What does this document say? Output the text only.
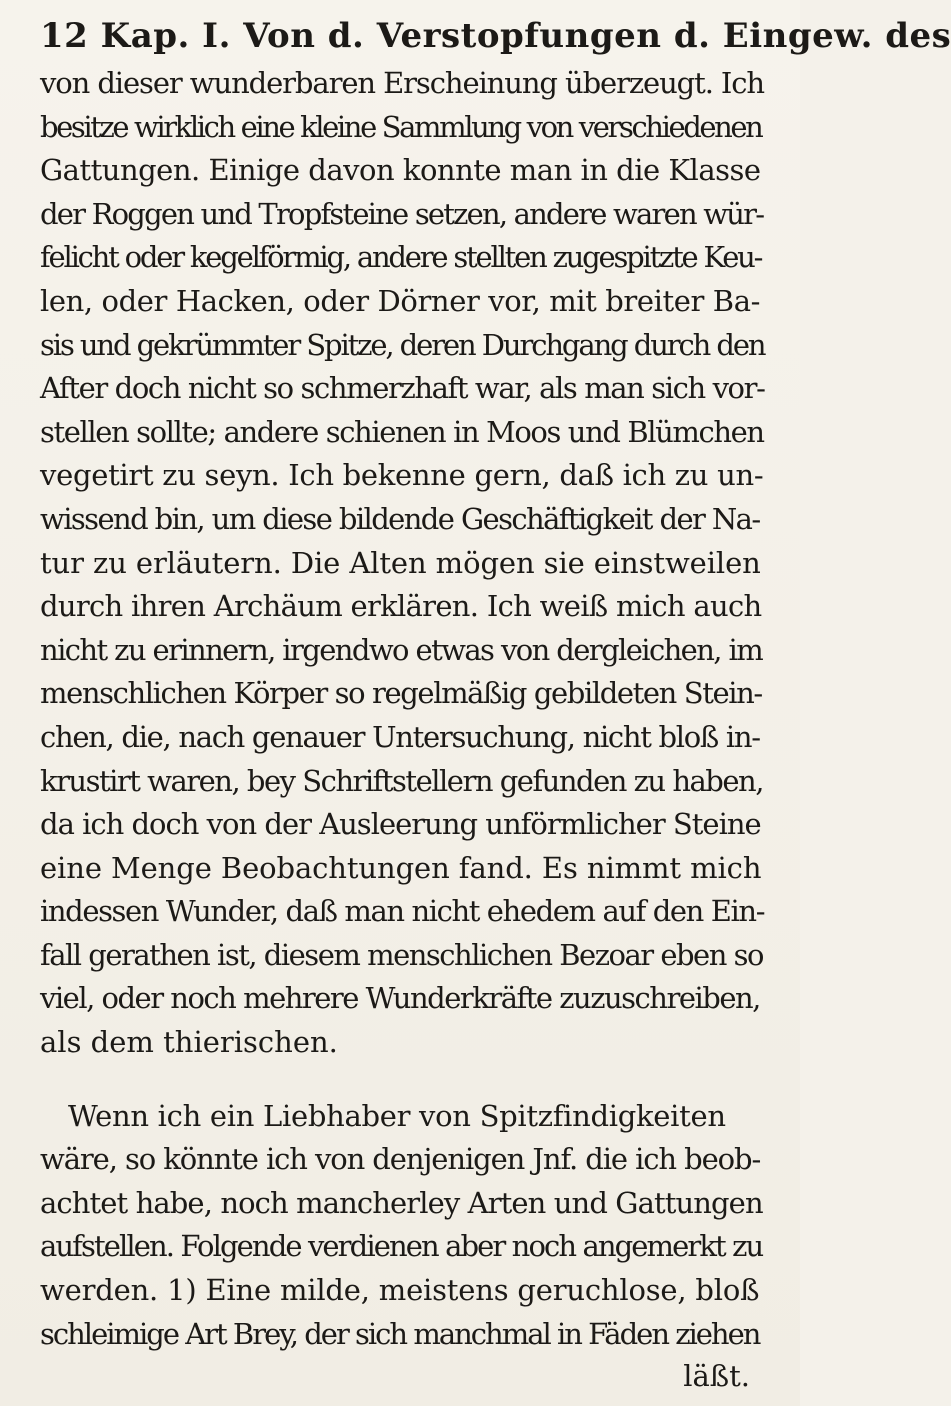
12 Kap. I. Von d. Verstopfungen d. Eingew. des
von dieser wunderbaren Erscheinung überzeugt. Ich
besitze wirklich eine kleine Sammlung von verschiedenen
Gattungen. Einige davon konnte man in die Klasse
der Roggen und Tropfsteine setzen, andere waren wür-
felicht oder kegelförmig, andere stellten zugespitzte Keu-
len, oder Hacken, oder Dörner vor, mit breiter Ba-
sis und gekrümmter Spitze, deren Durchgang durch den
After doch nicht so schmerzhaft war, als man sich vor-
stellen sollte; andere schienen in Moos und Blümchen
vegetirt zu seyn. Ich bekenne gern, daß ich zu un-
wissend bin, um diese bildende Geschäftigkeit der Na-
tur zu erläutern. Die Alten mögen sie einstweilen
durch ihren Archäum erklären. Ich weiß mich auch
nicht zu erinnern, irgendwo etwas von dergleichen, im
menschlichen Körper so regelmäßig gebildeten Stein-
chen, die, nach genauer Untersuchung, nicht bloß in-
krustirt waren, bey Schriftstellern gefunden zu haben,
da ich doch von der Ausleerung unförmlicher Steine
eine Menge Beobachtungen fand. Es nimmt mich
indessen Wunder, daß man nicht ehedem auf den Ein-
fall gerathen ist, diesem menschlichen Bezoar eben so
viel, oder noch mehrere Wunderkräfte zuzuschreiben,
als dem thierischen.
Wenn ich ein Liebhaber von Spitzfindigkeiten
wäre, so könnte ich von denjenigen Jnf. die ich beob-
achtet habe, noch mancherley Arten und Gattungen
aufstellen. Folgende verdienen aber noch angemerkt zu
werden. 1) Eine milde, meistens geruchlose, bloß
schleimige Art Brey, der sich manchmal in Fäden ziehen
läßt.
